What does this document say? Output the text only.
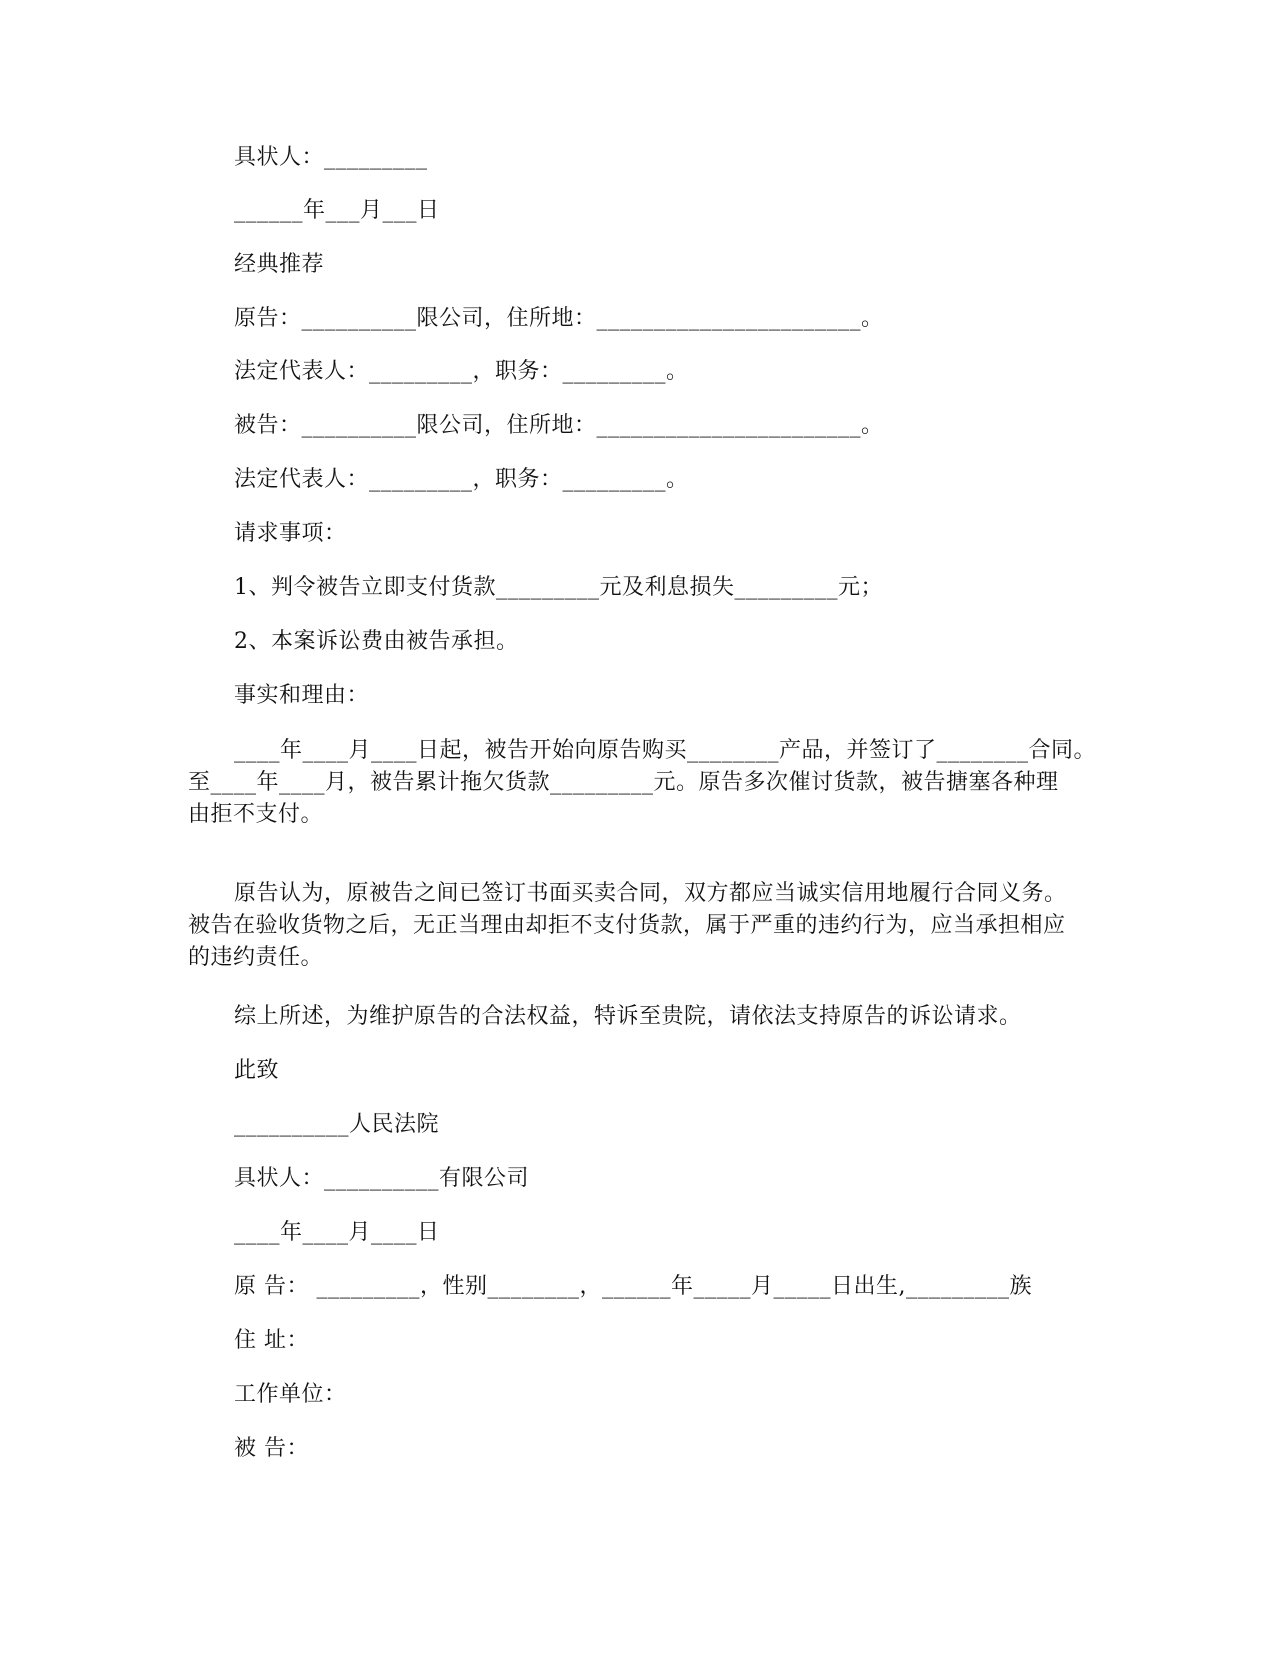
具状人：_________
______年___月___日
经典推荐
原告：__________限公司，住所地：_______________________。
法定代表人：_________，职务：_________。
被告：__________限公司，住所地：_______________________。
法定代表人：_________，职务：_________。
请求事项：
1、判令被告立即支付货款_________元及利息损失_________元；
2、本案诉讼费由被告承担。
事实和理由：
____年____月____日起，被告开始向原告购买________产品，并签订了________合同。
至____年____月，被告累计拖欠货款_________元。原告多次催讨货款，被告搪塞各种理
由拒不支付。
原告认为，原被告之间已签订书面买卖合同，双方都应当诚实信用地履行合同义务。
被告在验收货物之后，无正当理由却拒不支付货款，属于严重的违约行为，应当承担相应
的违约责任。
综上所述，为维护原告的合法权益，特诉至贵院，请依法支持原告的诉讼请求。
此致
__________人民法院
具状人：__________有限公司
____年____月____日
原 告： _________，性别________，______年_____月_____日出生,_________族
住 址：
工作单位：
被 告：
